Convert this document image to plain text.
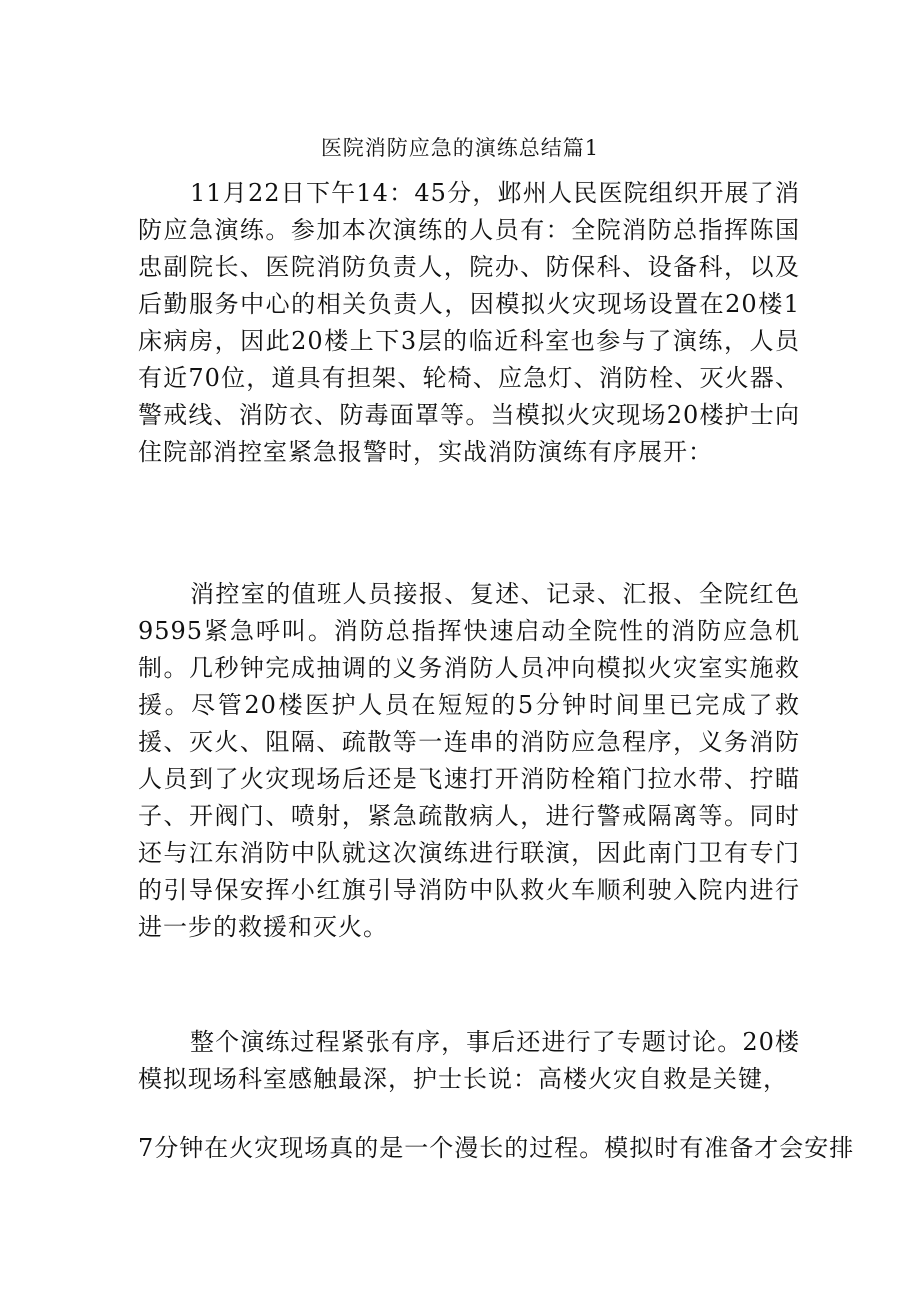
医院消防应急的演练总结篇1

11月22日下午14：45分，邺州人民医院组织开展了消防应急演练。参加本次演练的人员有：全院消防总指挥陈国忠副院长、医院消防负责人，院办、防保科、设备科，以及后勤服务中心的相关负责人，因模拟火灾现场设置在20楼1床病房，因此20楼上下3层的临近科室也参与了演练，人员有近70位，道具有担架、轮椅、应急灯、消防栓、灭火器、警戒线、消防衣、防毒面罩等。当模拟火灾现场20楼护士向住院部消控室紧急报警时，实战消防演练有序展开：

消控室的值班人员接报、复述、记录、汇报、全院红色9595紧急呼叫。消防总指挥快速启动全院性的消防应急机制。几秒钟完成抽调的义务消防人员冲向模拟火灾室实施救援。尽管20楼医护人员在短短的5分钟时间里已完成了救援、灭火、阻隔、疏散等一连串的消防应急程序，义务消防人员到了火灾现场后还是飞速打开消防栓箱门拉水带、拧瞄子、开阀门、喷射，紧急疏散病人，进行警戒隔离等。同时还与江东消防中队就这次演练进行联演，因此南门卫有专门的引导保安挥小红旗引导消防中队救火车顺利驶入院内进行进一步的救援和灭火。

整个演练过程紧张有序，事后还进行了专题讨论。20楼模拟现场科室感触最深，护士长说：高楼火灾自救是关键，

7分钟在火灾现场真的是一个漫长的过程。模拟时有准备才会安排
